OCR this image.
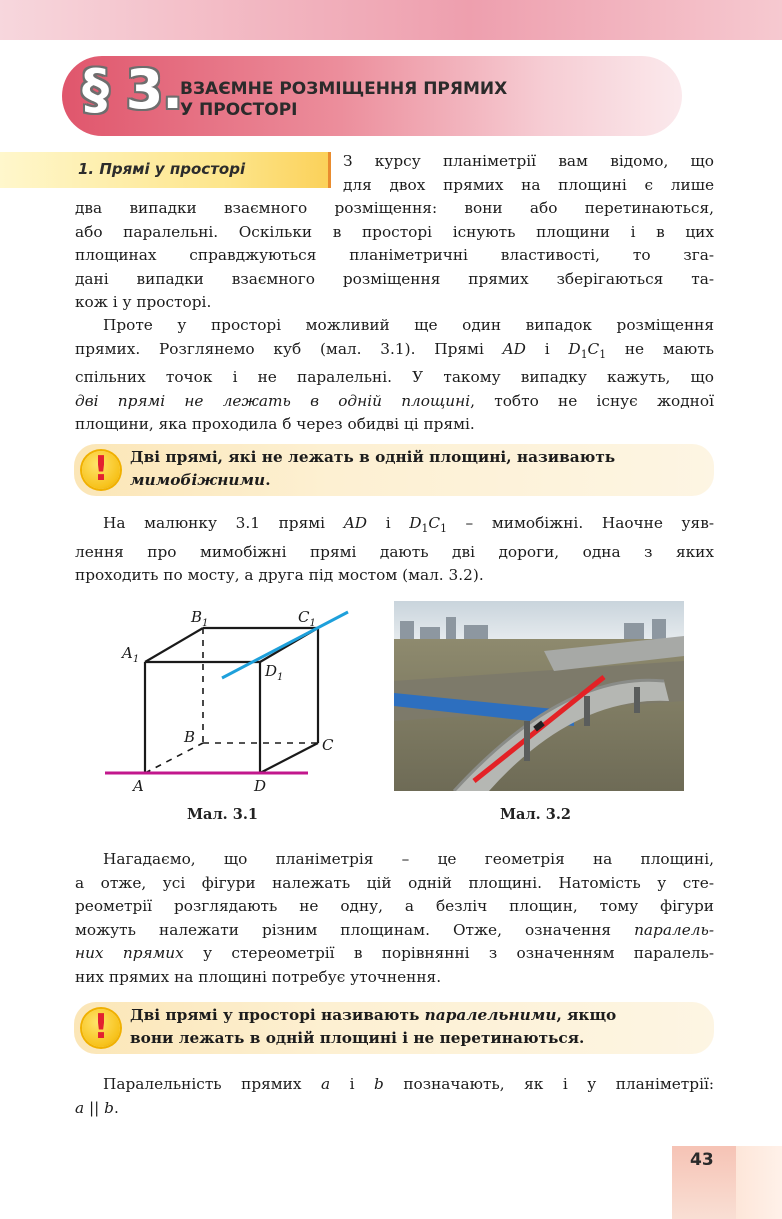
§ 3.
ВЗАЄМНЕ РОЗМІЩЕННЯ ПРЯМИХ
У ПРОСТОРІ
1. Прямі у просторі	З курсу планіметрії вам відомо, що
для двох прямих на площині є лише
два випадки взаємного розміщення: вони або перетинаються,
або паралельні. Оскільки в просторі існують площини і в цих
площинах справджуються планіметричні властивості, то зга-
дані випадки взаємного розміщення прямих зберігаються та-
кож і у просторі.
Проте у просторі можливий ще один випадок розміщення
прямих. Розглянемо куб (мал. 3.1). Прямі AD і $D_1C_1$ не мають
спільних точок і не паралельні. У такому випадку кажуть, що
дві прямі не лежать в одній площині, тобто не існує жодної
площини, яка проходила б через обидві ці прямі.
!	Дві прямі, які не лежать в одній площині, називають
мимобіжними.
На малюнку 3.1 прямі AD і $D_1C_1$ – мимобіжні. Наочне уяв-
лення про мимобіжні прямі дають дві дороги, одна з яких
проходить по мосту, а друга під мостом (мал. 3.2).
$B_1$	$C_1$
$A_1$
$D_1$
B	C
A	D
Мал. 3.1	Мал. 3.2
Нагадаємо, що планіметрія – це геометрія на площині,
а отже, усі фігури належать цій одній площині. Натомість у сте-
реометрії розглядають не одну, а безліч площин, тому фігури
можуть належати різним площинам. Отже, означення паралель-
них прямих у стереометрії в порівнянні з означенням паралель-
них прямих на площині потребує уточнення.
!	Дві прямі у просторі називають паралельними, якщо
вони лежать в одній площині і не перетинаються.
Паралельність прямих a і b позначають, як і у планіметрії:
a || b.
43
